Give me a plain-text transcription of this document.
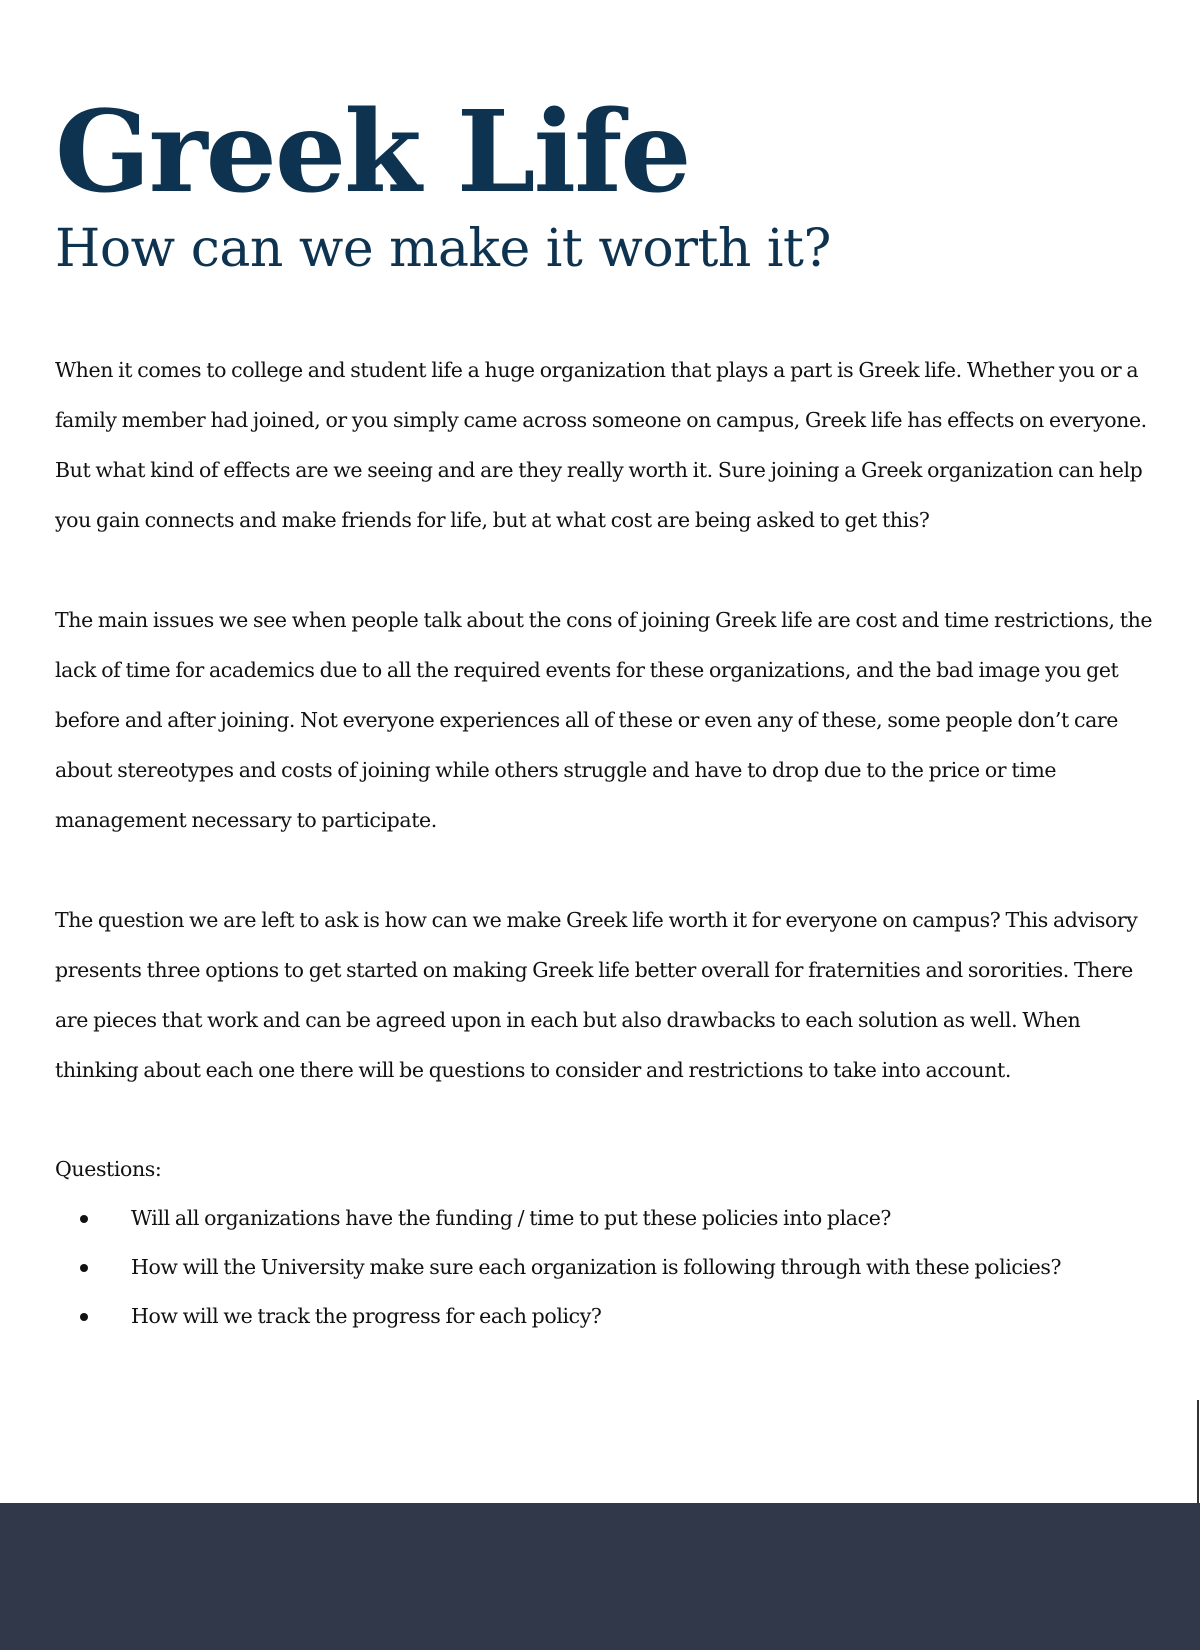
Greek Life
How can we make it worth it?

When it comes to college and student life a huge organization that plays a part is Greek life. Whether you or a family member had joined, or you simply came across someone on campus, Greek life has effects on everyone. But what kind of effects are we seeing and are they really worth it. Sure joining a Greek organization can help you gain connects and make friends for life, but at what cost are being asked to get this?

The main issues we see when people talk about the cons of joining Greek life are cost and time restrictions, the lack of time for academics due to all the required events for these organizations, and the bad image you get before and after joining. Not everyone experiences all of these or even any of these, some people don’t care about stereotypes and costs of joining while others struggle and have to drop due to the price or time management necessary to participate.

The question we are left to ask is how can we make Greek life worth it for everyone on campus? This advisory presents three options to get started on making Greek life better overall for fraternities and sororities. There are pieces that work and can be agreed upon in each but also drawbacks to each solution as well. When thinking about each one there will be questions to consider and restrictions to take into account.

Questions:

Will all organizations have the funding / time to put these policies into place?
How will the University make sure each organization is following through with these policies?
How will we track the progress for each policy?
